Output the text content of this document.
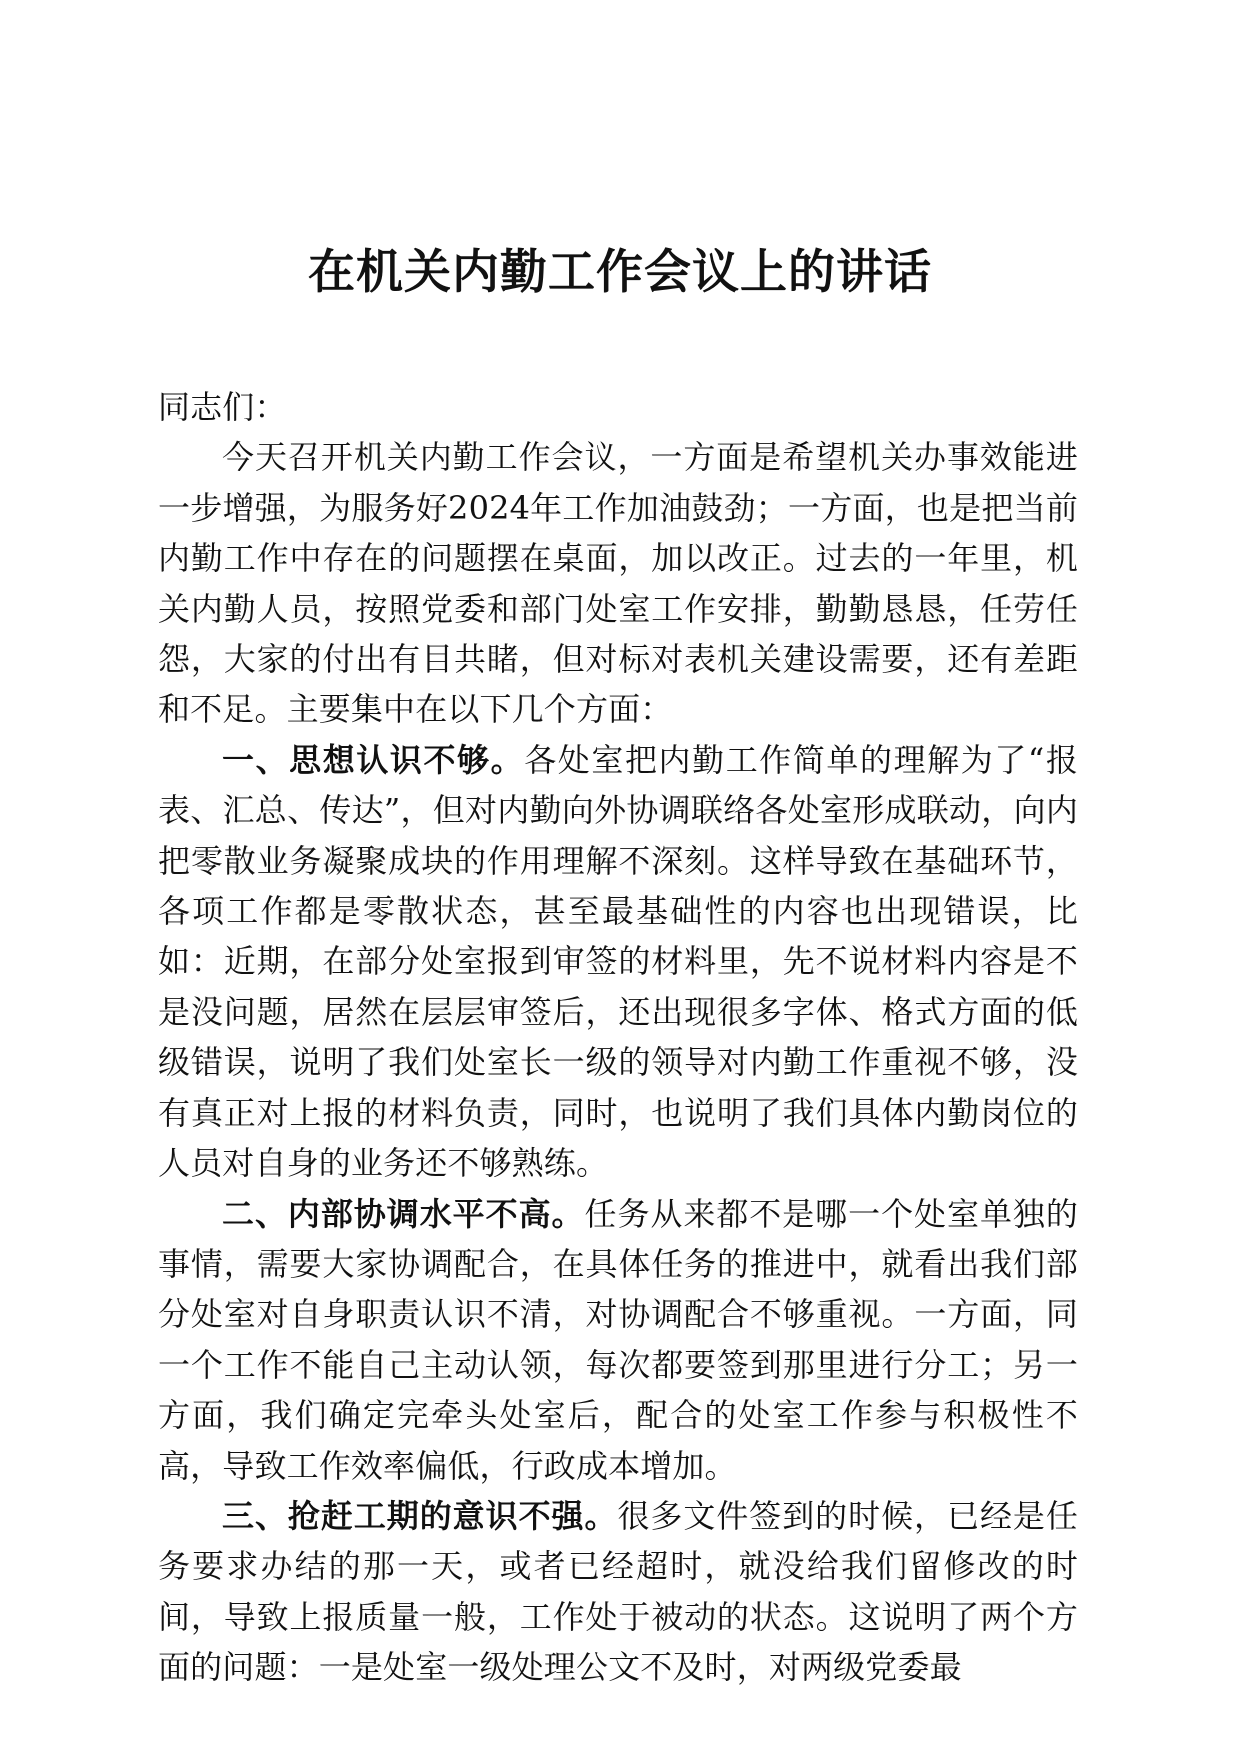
在机关内勤工作会议上的讲话

同志们：

今天召开机关内勤工作会议，一方面是希望机关办事效能进一步增强，为服务好2024年工作加油鼓劲；一方面，也是把当前内勤工作中存在的问题摆在桌面，加以改正。过去的一年里，机关内勤人员，按照党委和部门处室工作安排，勤勤恳恳，任劳任怨，大家的付出有目共睹，但对标对表机关建设需要，还有差距和不足。主要集中在以下几个方面：

一、思想认识不够。各处室把内勤工作简单的理解为了“报表、汇总、传达”，但对内勤向外协调联络各处室形成联动，向内把零散业务凝聚成块的作用理解不深刻。这样导致在基础环节，各项工作都是零散状态，甚至最基础性的内容也出现错误，比如：近期，在部分处室报到审签的材料里，先不说材料内容是不是没问题，居然在层层审签后，还出现很多字体、格式方面的低级错误，说明了我们处室长一级的领导对内勤工作重视不够，没有真正对上报的材料负责，同时，也说明了我们具体内勤岗位的人员对自身的业务还不够熟练。

二、内部协调水平不高。任务从来都不是哪一个处室单独的事情，需要大家协调配合，在具体任务的推进中，就看出我们部分处室对自身职责认识不清，对协调配合不够重视。一方面，同一个工作不能自己主动认领，每次都要签到那里进行分工；另一方面，我们确定完牵头处室后，配合的处室工作参与积极性不高，导致工作效率偏低，行政成本增加。

三、抢赶工期的意识不强。很多文件签到的时候，已经是任务要求办结的那一天，或者已经超时，就没给我们留修改的时间，导致上报质量一般，工作处于被动的状态。这说明了两个方面的问题：一是处室一级处理公文不及时，对两级党委最
